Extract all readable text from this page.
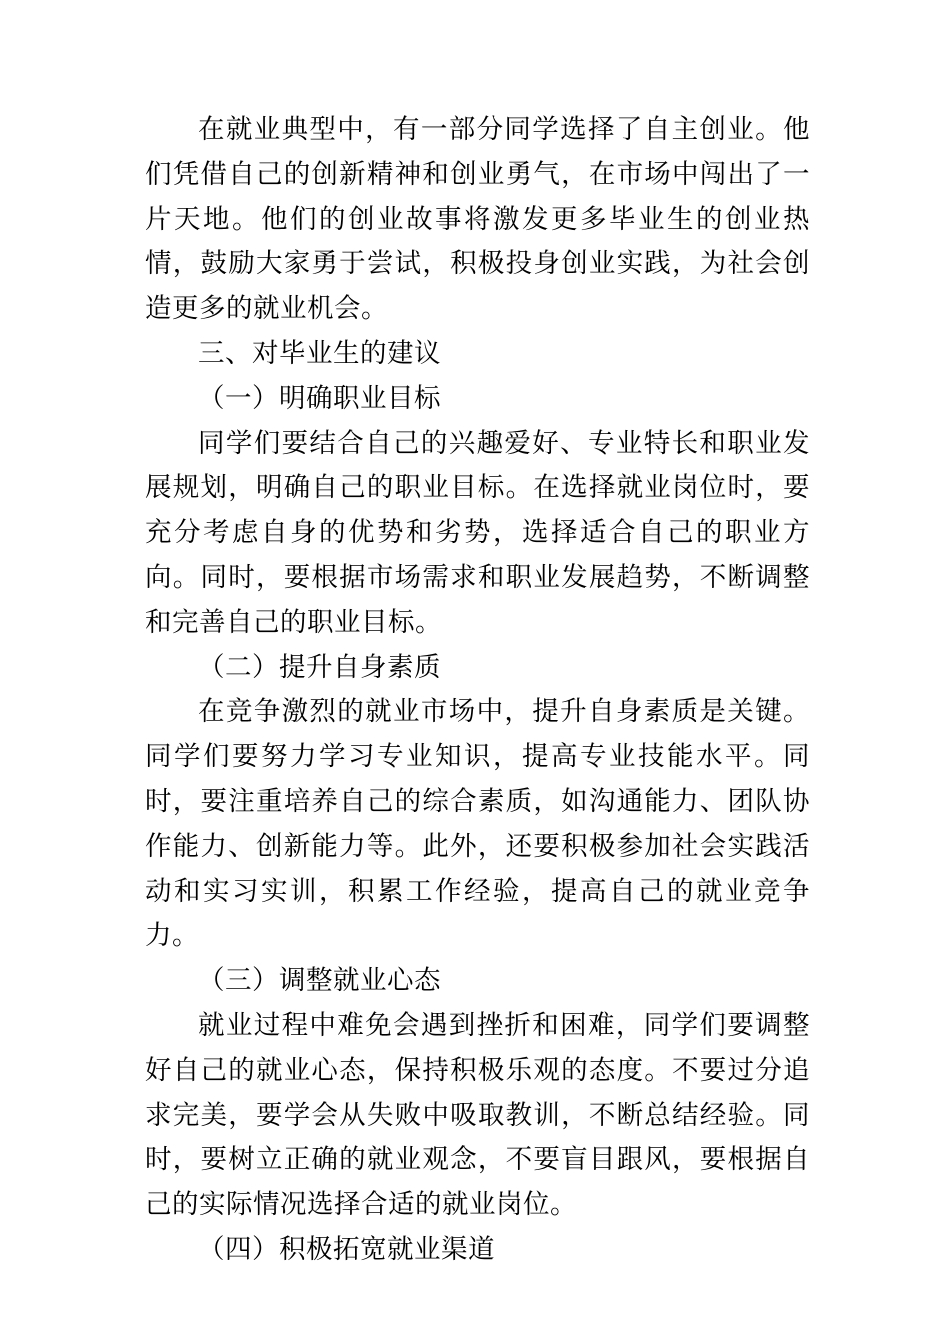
在就业典型中，有一部分同学选择了自主创业。他们凭借自己的创新精神和创业勇气，在市场中闯出了一片天地。他们的创业故事将激发更多毕业生的创业热情，鼓励大家勇于尝试，积极投身创业实践，为社会创造更多的就业机会。

三、对毕业生的建议

（一）明确职业目标

同学们要结合自己的兴趣爱好、专业特长和职业发展规划，明确自己的职业目标。在选择就业岗位时，要充分考虑自身的优势和劣势，选择适合自己的职业方向。同时，要根据市场需求和职业发展趋势，不断调整和完善自己的职业目标。

（二）提升自身素质

在竞争激烈的就业市场中，提升自身素质是关键。同学们要努力学习专业知识，提高专业技能水平。同时，要注重培养自己的综合素质，如沟通能力、团队协作能力、创新能力等。此外，还要积极参加社会实践活动和实习实训，积累工作经验，提高自己的就业竞争力。

（三）调整就业心态

就业过程中难免会遇到挫折和困难，同学们要调整好自己的就业心态，保持积极乐观的态度。不要过分追求完美，要学会从失败中吸取教训，不断总结经验。同时，要树立正确的就业观念，不要盲目跟风，要根据自己的实际情况选择合适的就业岗位。

（四）积极拓宽就业渠道
